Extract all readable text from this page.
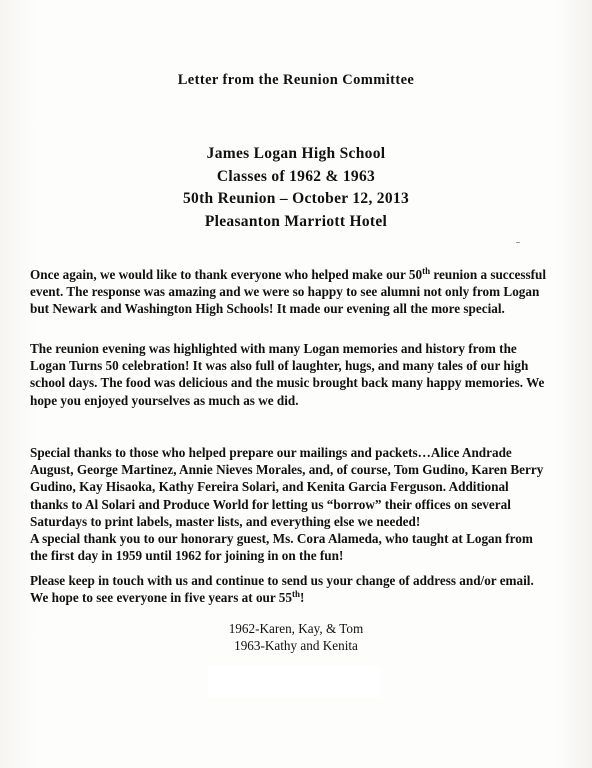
Letter from the Reunion Committee
James Logan High School
Classes of 1962 & 1963
50th Reunion – October 12, 2013
Pleasanton Marriott Hotel

Once again, we would like to thank everyone who helped make our 50th reunion a successful event. The response was amazing and we were so happy to see alumni not only from Logan but Newark and Washington High Schools! It made our evening all the more special.

The reunion evening was highlighted with many Logan memories and history from the Logan Turns 50 celebration! It was also full of laughter, hugs, and many tales of our high school days. The food was delicious and the music brought back many happy memories. We hope you enjoyed yourselves as much as we did.

Special thanks to those who helped prepare our mailings and packets…Alice Andrade August, George Martinez, Annie Nieves Morales, and, of course, Tom Gudino, Karen Berry Gudino, Kay Hisaoka, Kathy Fereira Solari, and Kenita Garcia Ferguson. Additional thanks to Al Solari and Produce World for letting us “borrow” their offices on several Saturdays to print labels, master lists, and everything else we needed!

A special thank you to our honorary guest, Ms. Cora Alameda, who taught at Logan from the first day in 1959 until 1962 for joining in on the fun!

Please keep in touch with us and continue to send us your change of address and/or email. We hope to see everyone in five years at our 55th!

1962-Karen, Kay, & Tom
1963-Kathy and Kenita
